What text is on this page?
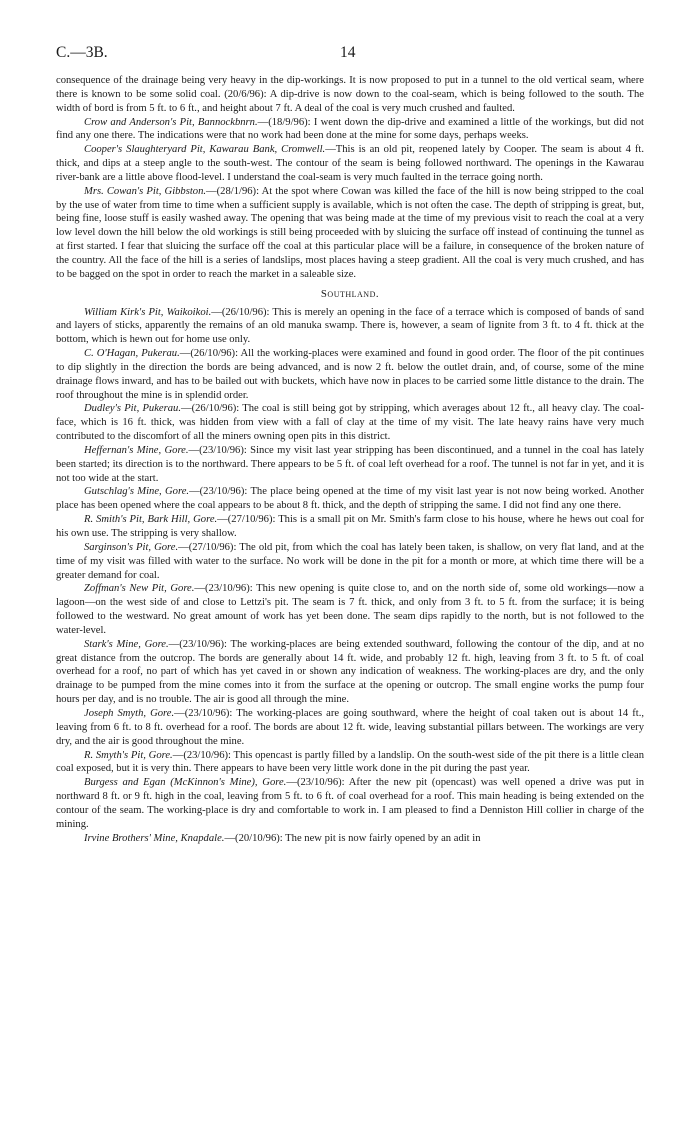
C.—3B.	14

consequence of the drainage being very heavy in the dip-workings. It is now proposed to put in a tunnel to the old vertical seam, where there is known to be some solid coal. (20/6/96): A dip-drive is now down to the coal-seam, which is being followed to the south. The width of bord is from 5 ft. to 6 ft., and height about 7 ft. A deal of the coal is very much crushed and faulted.

Crow and Anderson's Pit, Bannockbnrn.—(18/9/96): I went down the dip-drive and examined a little of the workings, but did not find any one there. The indications were that no work had been done at the mine for some days, perhaps weeks.

Cooper's Slaughteryard Pit, Kawarau Bank, Cromwell.—This is an old pit, reopened lately by Cooper. The seam is about 4 ft. thick, and dips at a steep angle to the south-west. The contour of the seam is being followed northward. The openings in the Kawarau river-bank are a little above flood-level. I understand the coal-seam is very much faulted in the terrace going north.

Mrs. Cowan's Pit, Gibbston.—(28/1/96): At the spot where Cowan was killed the face of the hill is now being stripped to the coal by the use of water from time to time when a sufficient supply is available, which is not often the case. The depth of stripping is great, but, being fine, loose stuff is easily washed away. The opening that was being made at the time of my previous visit to reach the coal at a very low level down the hill below the old workings is still being proceeded with by sluicing the surface off instead of continuing the tunnel as at first started. I fear that sluicing the surface off the coal at this particular place will be a failure, in consequence of the broken nature of the country. All the face of the hill is a series of landslips, most places having a steep gradient. All the coal is very much crushed, and has to be bagged on the spot in order to reach the market in a saleable size.

Southland.

William Kirk's Pit, Waikoikoi.—(26/10/96): This is merely an opening in the face of a terrace which is composed of bands of sand and layers of sticks, apparently the remains of an old manuka swamp. There is, however, a seam of lignite from 3 ft. to 4 ft. thick at the bottom, which is hewn out for home use only.

C. O'Hagan, Pukerau.—(26/10/96): All the working-places were examined and found in good order. The floor of the pit continues to dip slightly in the direction the bords are being advanced, and is now 2 ft. below the outlet drain, and, of course, some of the mine drainage flows inward, and has to be bailed out with buckets, which have now in places to be carried some little distance to the drain. The roof throughout the mine is in splendid order.

Dudley's Pit, Pukerau.—(26/10/96): The coal is still being got by stripping, which averages about 12 ft., all heavy clay. The coal-face, which is 16 ft. thick, was hidden from view with a fall of clay at the time of my visit. The late heavy rains have very much contributed to the discomfort of all the miners owning open pits in this district.

Heffernan's Mine, Gore.—(23/10/96): Since my visit last year stripping has been discontinued, and a tunnel in the coal has lately been started; its direction is to the northward. There appears to be 5 ft. of coal left overhead for a roof. The tunnel is not far in yet, and it is not too wide at the start.

Gutschlag's Mine, Gore.—(23/10/96): The place being opened at the time of my visit last year is not now being worked. Another place has been opened where the coal appears to be about 8 ft. thick, and the depth of stripping the same. I did not find any one there.

R. Smith's Pit, Bark Hill, Gore.—(27/10/96): This is a small pit on Mr. Smith's farm close to his house, where he hews out coal for his own use. The stripping is very shallow.

Sarginson's Pit, Gore.—(27/10/96): The old pit, from which the coal has lately been taken, is shallow, on very flat land, and at the time of my visit was filled with water to the surface. No work will be done in the pit for a month or more, at which time there will be a greater demand for coal.

Zoffman's New Pit, Gore.—(23/10/96): This new opening is quite close to, and on the north side of, some old workings—now a lagoon—on the west side of and close to Lettzi's pit. The seam is 7 ft. thick, and only from 3 ft. to 5 ft. from the surface; it is being followed to the westward. No great amount of work has yet been done. The seam dips rapidly to the north, but is not followed to the water-level.

Stark's Mine, Gore.—(23/10/96): The working-places are being extended southward, following the contour of the dip, and at no great distance from the outcrop. The bords are generally about 14 ft. wide, and probably 12 ft. high, leaving from 3 ft. to 5 ft. of coal overhead for a roof, no part of which has yet caved in or shown any indication of weakness. The working-places are dry, and the only drainage to be pumped from the mine comes into it from the surface at the opening or outcrop. The small engine works the pump four hours per day, and is no trouble. The air is good all through the mine.

Joseph Smyth, Gore.—(23/10/96): The working-places are going southward, where the height of coal taken out is about 14 ft., leaving from 6 ft. to 8 ft. overhead for a roof. The bords are about 12 ft. wide, leaving substantial pillars between. The workings are very dry, and the air is good throughout the mine.

R. Smyth's Pit, Gore.—(23/10/96): This opencast is partly filled by a landslip. On the south-west side of the pit there is a little clean coal exposed, but it is very thin. There appears to have been very little work done in the pit during the past year.

Burgess and Egan (McKinnon's Mine), Gore.—(23/10/96): After the new pit (opencast) was well opened a drive was put in northward 8 ft. or 9 ft. high in the coal, leaving from 5 ft. to 6 ft. of coal overhead for a roof. This main heading is being extended on the contour of the seam. The working-place is dry and comfortable to work in. I am pleased to find a Denniston Hill collier in charge of the mining.

Irvine Brothers' Mine, Knapdale.—(20/10/96): The new pit is now fairly opened by an adit in
